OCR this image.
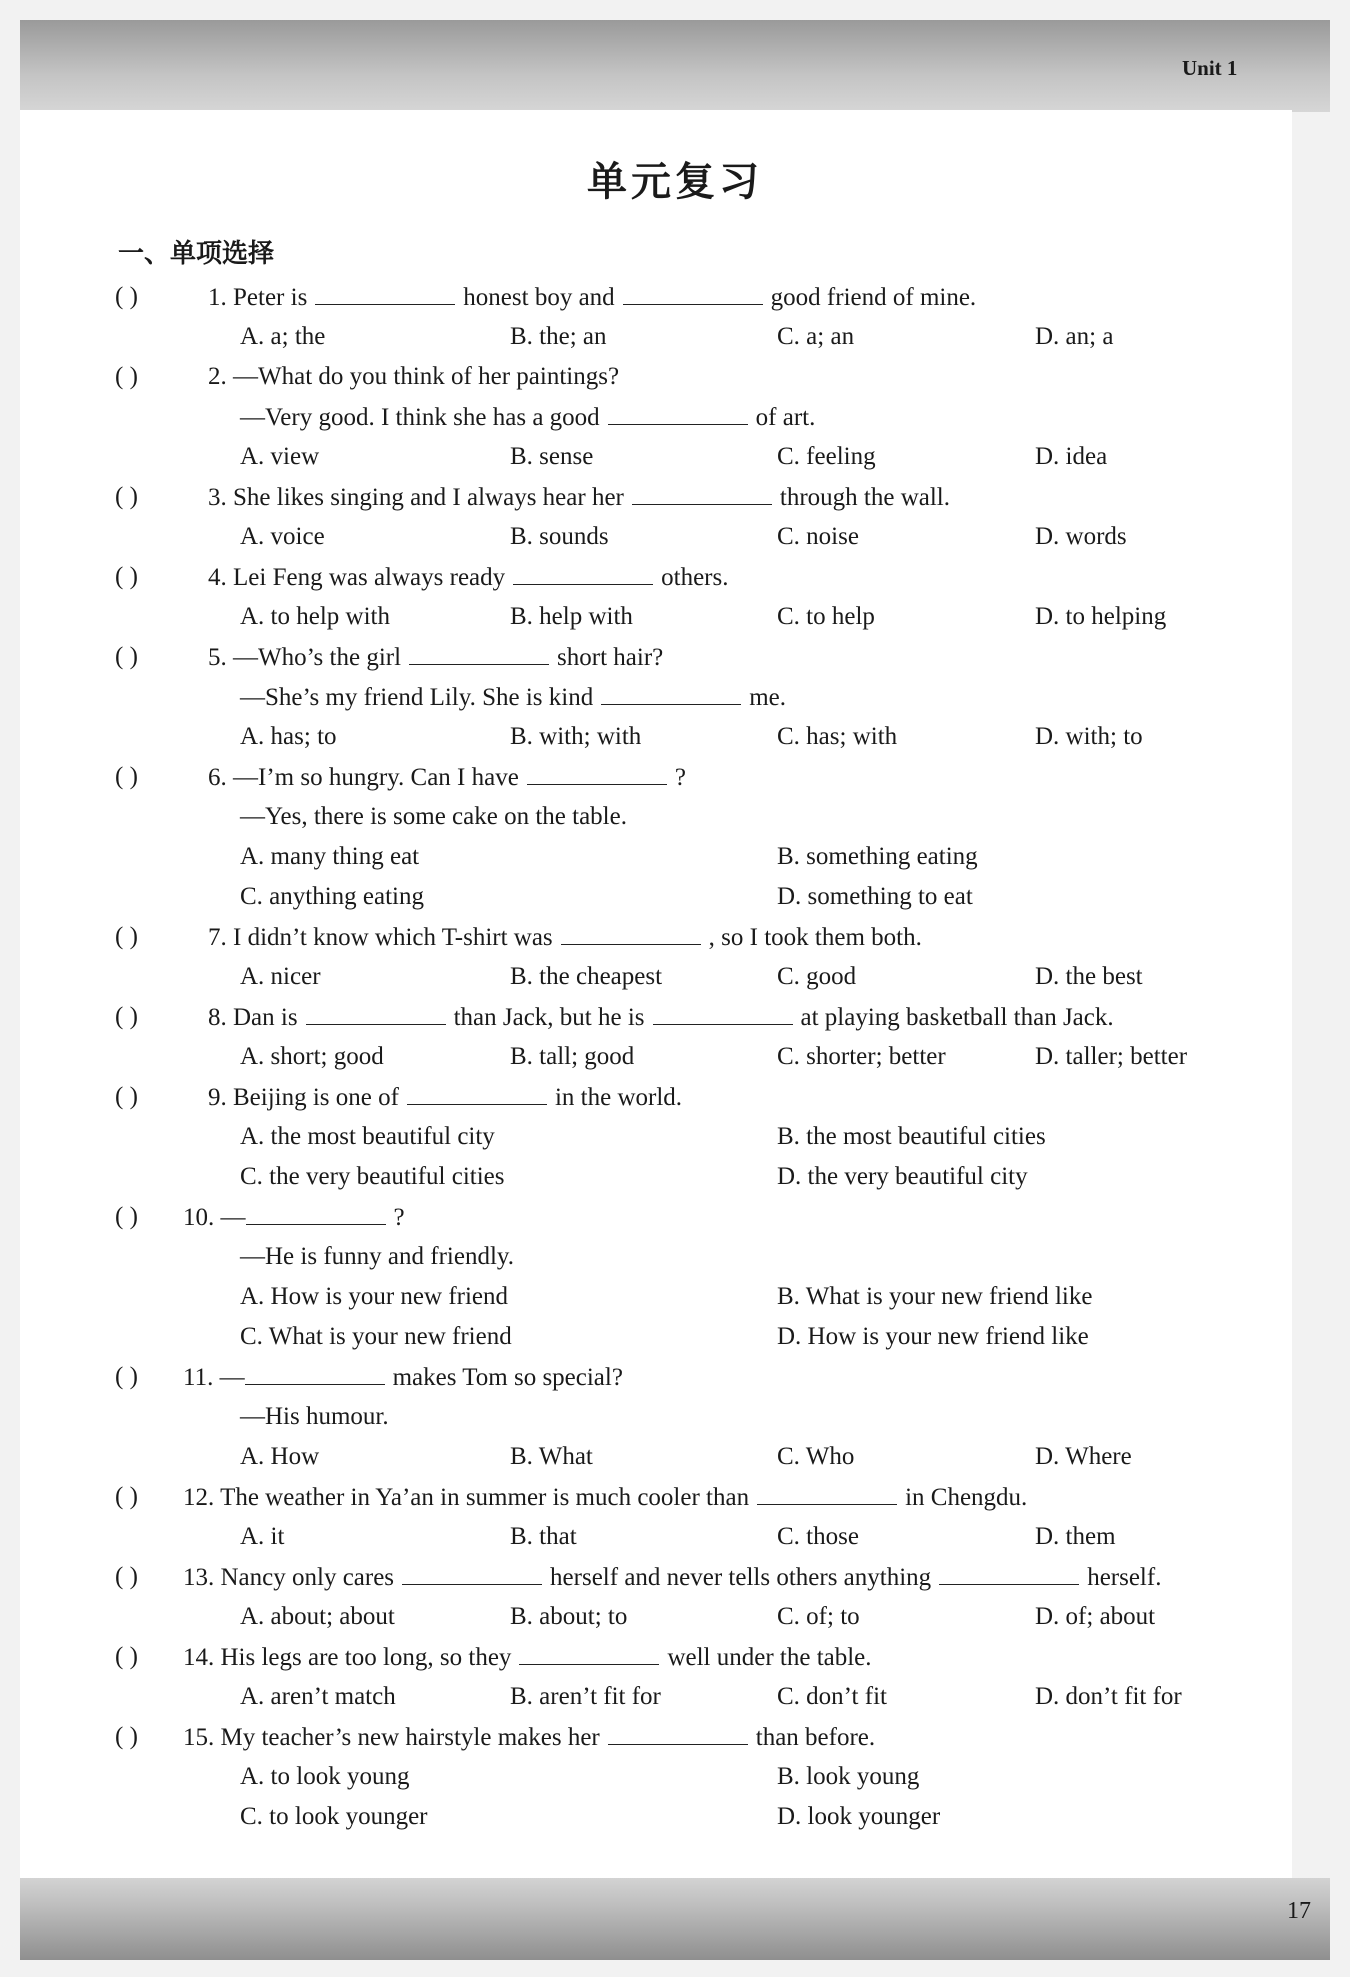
Unit 1
17
单元复习
一、单项选择
( )	1. Peter is	honest boy and	good friend of mine.
A. a; the	B. the; an	C. a; an	D. an; a
( )	2. —What do you think of her paintings?
—Very good. I think she has a good	of art.
A. view	B. sense	C. feeling	D. idea
( )	3. She likes singing and I always hear her	through the wall.
A. voice	B. sounds	C. noise	D. words
( )	4. Lei Feng was always ready	others.
A. to help with	B. help with	C. to help	D. to helping
( )	5. —Who’s the girl	short hair?
—She’s my friend Lily. She is kind	me.
A. has; to	B. with; with	C. has; with	D. with; to
( )	6. —I’m so hungry. Can I have	?
—Yes, there is some cake on the table.
A. many thing eat	B. something eating
C. anything eating	D. something to eat
( )	7. I didn’t know which T-shirt was	, so I took them both.
A. nicer	B. the cheapest	C. good	D. the best
( )	8. Dan is	than Jack, but he is	at playing basketball than Jack.
A. short; good	B. tall; good	C. shorter; better	D. taller; better
( )	9. Beijing is one of	in the world.
A. the most beautiful city	B. the most beautiful cities
C. the very beautiful cities	D. the very beautiful city
( ) 10. —	?
—He is funny and friendly.
A. How is your new friend	B. What is your new friend like
C. What is your new friend	D. How is your new friend like
( ) 11. —	makes Tom so special?
—His humour.
A. How	B. What	C. Who	D. Where
( ) 12. The weather in Ya’an in summer is much cooler than	in Chengdu.
A. it	B. that	C. those	D. them
( ) 13. Nancy only cares	herself and never tells others anything	herself.
A. about; about	B. about; to	C. of; to	D. of; about
( ) 14. His legs are too long, so they	well under the table.
A. aren’t match	B. aren’t fit for	C. don’t fit	D. don’t fit for
( ) 15. My teacher’s new hairstyle makes her	than before.
A. to look young	B. look young
C. to look younger	D. look younger
